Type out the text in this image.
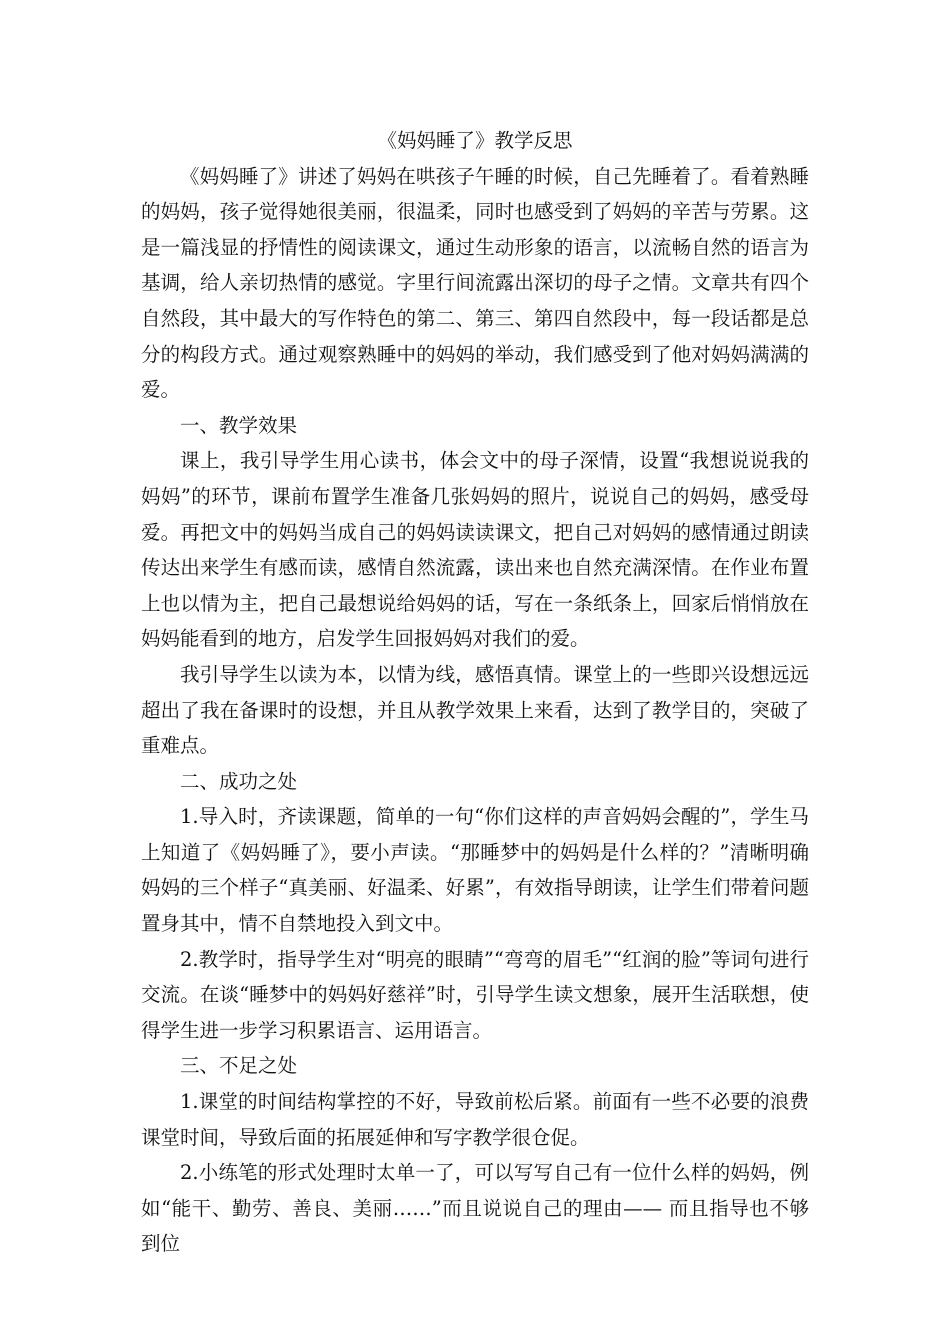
《妈妈睡了》教学反思

《妈妈睡了》讲述了妈妈在哄孩子午睡的时候，自己先睡着了。看着熟睡的妈妈，孩子觉得她很美丽，很温柔，同时也感受到了妈妈的辛苦与劳累。这是一篇浅显的抒情性的阅读课文，通过生动形象的语言，以流畅自然的语言为基调，给人亲切热情的感觉。字里行间流露出深切的母子之情。文章共有四个自然段，其中最大的写作特色的第二、第三、第四自然段中，每一段话都是总分的构段方式。通过观察熟睡中的妈妈的举动，我们感受到了他对妈妈满满的爱。

一、教学效果

课上，我引导学生用心读书，体会文中的母子深情，设置“我想说说我的妈妈”的环节，课前布置学生准备几张妈妈的照片，说说自己的妈妈，感受母爱。再把文中的妈妈当成自己的妈妈读读课文，把自己对妈妈的感情通过朗读传达出来学生有感而读，感情自然流露，读出来也自然充满深情。在作业布置上也以情为主，把自己最想说给妈妈的话，写在一条纸条上，回家后悄悄放在妈妈能看到的地方，启发学生回报妈妈对我们的爱。

我引导学生以读为本，以情为线，感悟真情。课堂上的一些即兴设想远远超出了我在备课时的设想，并且从教学效果上来看，达到了教学目的，突破了重难点。

二、成功之处

1.导入时，齐读课题，简单的一句“你们这样的声音妈妈会醒的”，学生马上知道了《妈妈睡了》，要小声读。“那睡梦中的妈妈是什么样的？”清晰明确妈妈的三个样子“真美丽、好温柔、好累”，有效指导朗读，让学生们带着问题置身其中，情不自禁地投入到文中。

2.教学时，指导学生对“明亮的眼睛”“弯弯的眉毛”“红润的脸”等词句进行交流。在谈“睡梦中的妈妈好慈祥”时，引导学生读文想象，展开生活联想，使得学生进一步学习积累语言、运用语言。

三、不足之处

1.课堂的时间结构掌控的不好，导致前松后紧。前面有一些不必要的浪费课堂时间，导致后面的拓展延伸和写字教学很仓促。

2.小练笔的形式处理时太单一了，可以写写自己有一位什么样的妈妈，例如“能干、勤劳、善良、美丽……”而且说说自己的理由—— 而且指导也不够到位
